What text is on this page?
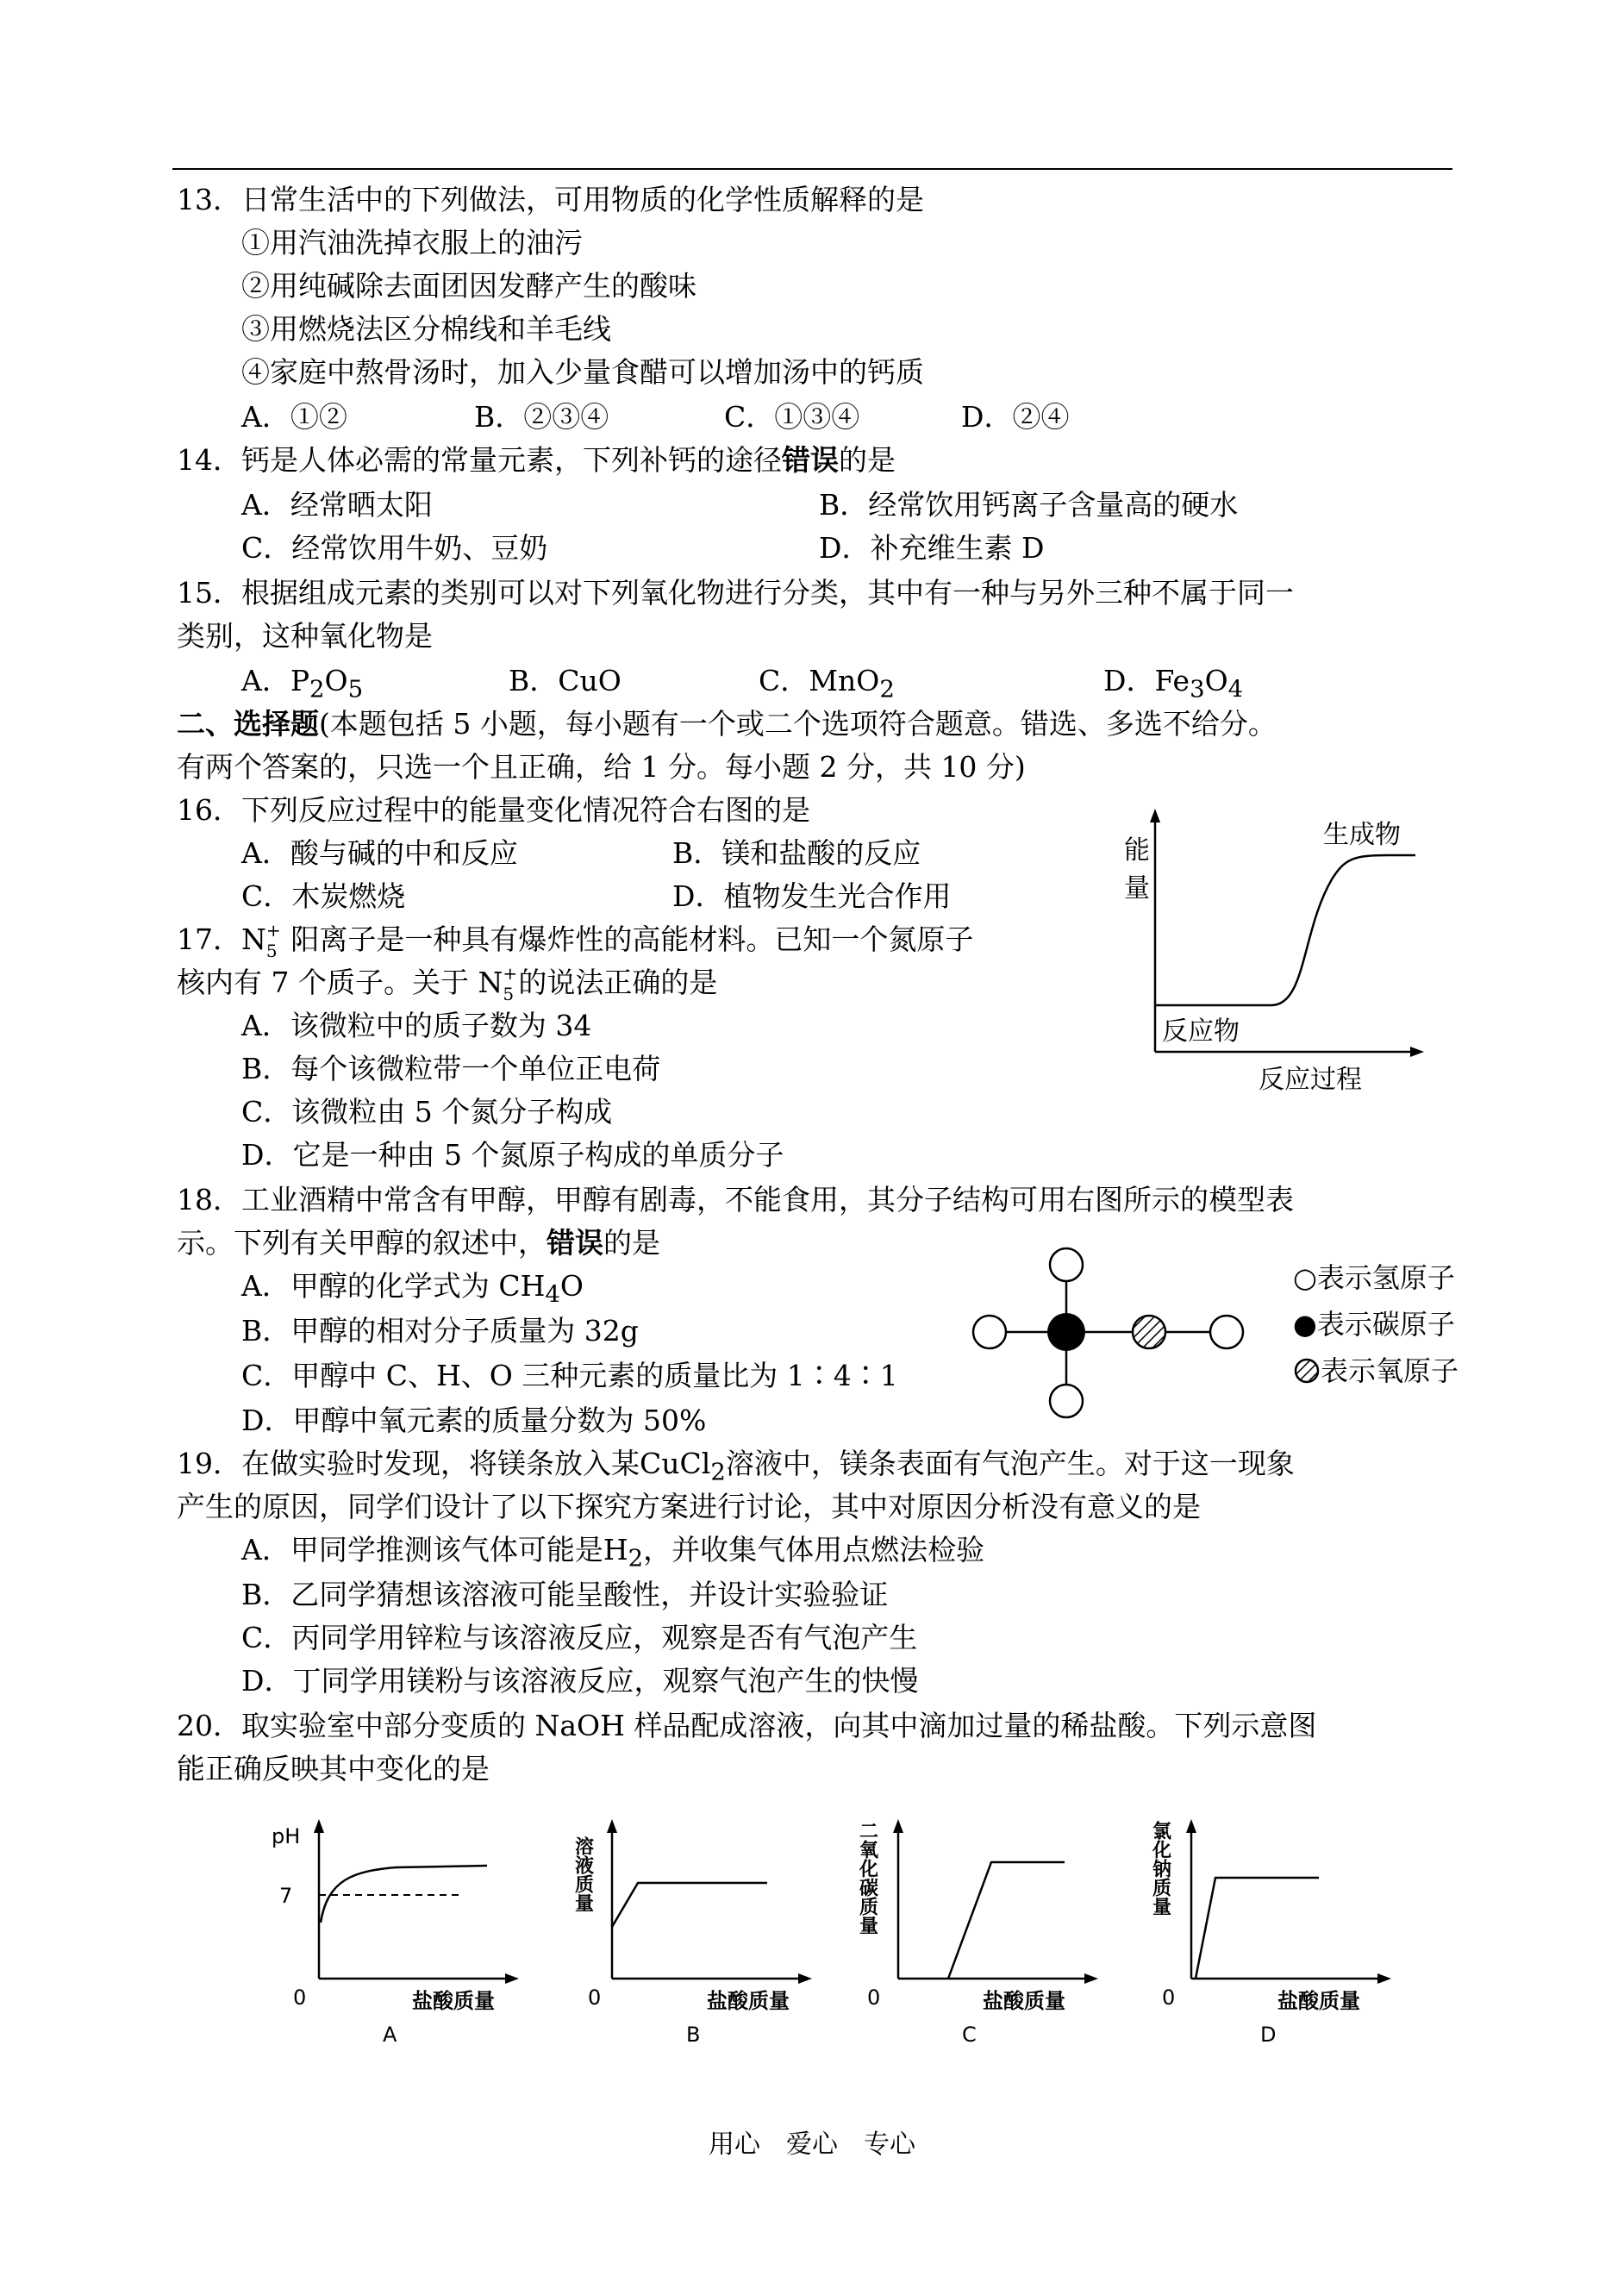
13．日常生活中的下列做法，可用物质的化学性质解释的是
①用汽油洗掉衣服上的油污
②用纯碱除去面团因发酵产生的酸味
③用燃烧法区分棉线和羊毛线
④家庭中熬骨汤时，加入少量食醋可以增加汤中的钙质
A．①②	B．②③④	C．①③④	D．②④
14．钙是人体必需的常量元素，下列补钙的途径错误的是
A．经常晒太阳	B．经常饮用钙离子含量高的硬水
C．经常饮用牛奶、豆奶	D．补充维生素 D
15．根据组成元素的类别可以对下列氧化物进行分类，其中有一种与另外三种不属于同一
类别，这种氧化物是
A．$P_2O_5$	B．CuO	C．MnO$_2$	D．$Fe_3O_4$
二、选择题(本题包括 5 小题，每小题有一个或二个选项符合题意。错选、多选不给分。
有两个答案的，只选一个且正确，给 1 分。每小题 2 分，共 10 分)
16．下列反应过程中的能量变化情况符合右图的是
A．酸与碱的中和反应	B．镁和盐酸的反应
C．木炭燃烧	D．植物发生光合作用
能
量
生成物
反应物
反应过程
17．N +
5 阳离子是一种具有爆炸性的高能材料。已知一个氮原子
核内有 7 个质子。关于 N +
5 的说法正确的是
A．该微粒中的质子数为 34
B．每个该微粒带一个单位正电荷
C．该微粒由 5 个氮分子构成
D．它是一种由 5 个氮原子构成的单质分子
18．工业酒精中常含有甲醇，甲醇有剧毒，不能食用，其分子结构可用右图所示的模型表
示。下列有关甲醇的叙述中，错误的是
A．甲醇的化学式为 $CH_4O$
B．甲醇的相对分子质量为 32g
C．甲醇中 C、H、O 三种元素的质量比为 1∶4∶1
D．甲醇中氧元素的质量分数为 50%
○表示氢原子
●表示碳原子
表示氧原子
19．在做实验时发现，将镁条放入某CuCl$_2$溶液中，镁条表面有气泡产生。对于这一现象
产生的原因，同学们设计了以下探究方案进行讨论，其中对原因分析没有意义的是
A．甲同学推测该气体可能是$H_2$，并收集气体用点燃法检验
B．乙同学猜想该溶液可能呈酸性，并设计实验验证
C．丙同学用锌粒与该溶液反应，观察是否有气泡产生
D．丁同学用镁粉与该溶液反应，观察气泡产生的快慢
20．取实验室中部分变质的 NaOH 样品配成溶液，向其中滴加过量的稀盐酸。下列示意图
能正确反映其中变化的是
pH
7
0	盐酸质量
A
溶液质量
0	盐酸质量
B
二氧化碳质量
0	盐酸质量
C
氯化钠质量
0	盐酸质量
D
用心　爱心　专心
